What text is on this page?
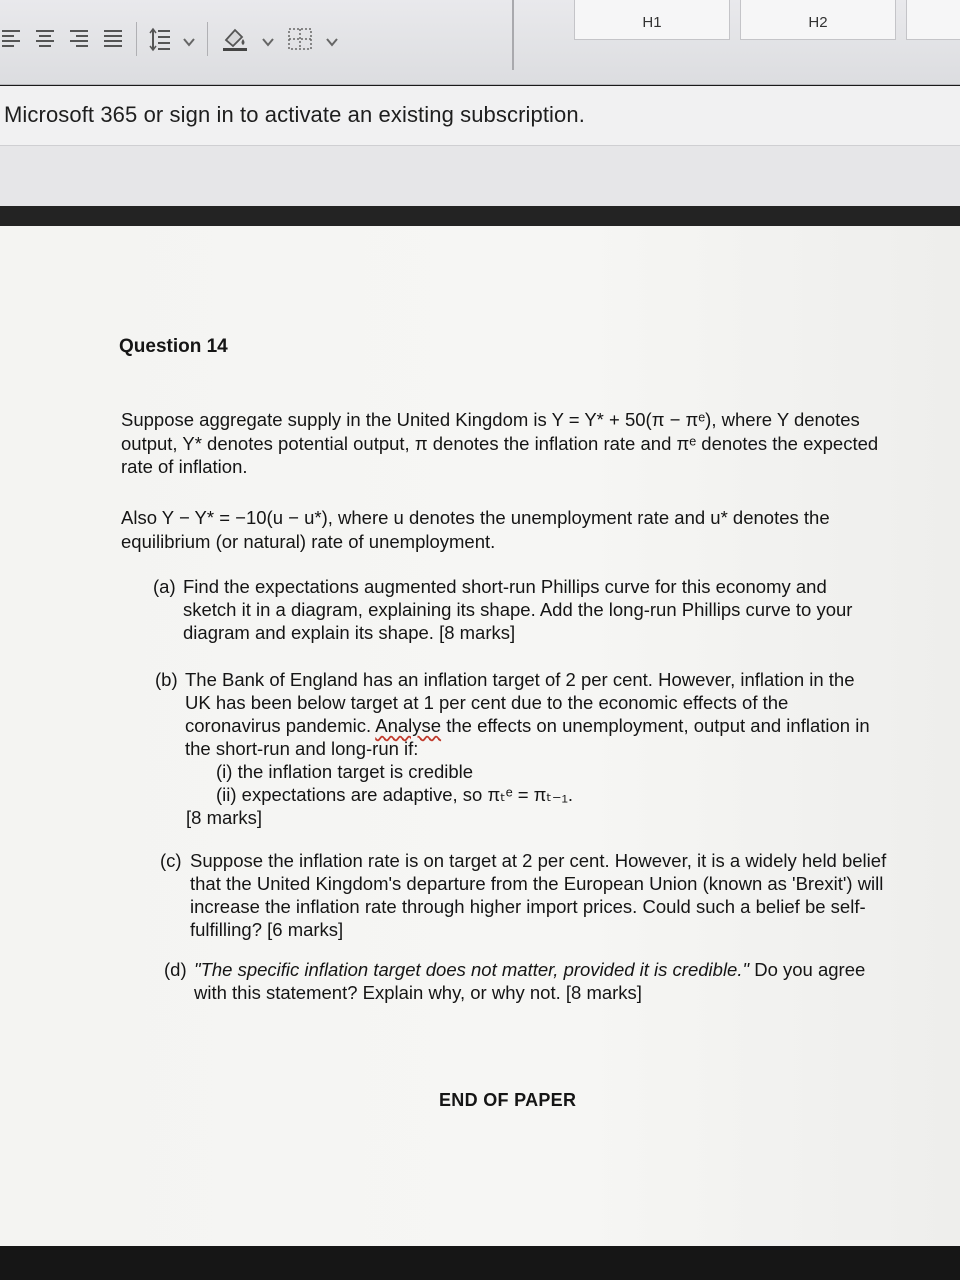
H1	H2
Microsoft 365 or sign in to activate an existing subscription.
Question 14
Suppose aggregate supply in the United Kingdom is Y = Y* + 50(π − πᵉ), where Y denotes output, Y* denotes potential output, π denotes the inflation rate and πᵉ denotes the expected rate of inflation.
Also Y − Y* = −10(u − u*), where u denotes the unemployment rate and u* denotes the equilibrium (or natural) rate of unemployment.
(a) Find the expectations augmented short-run Phillips curve for this economy and sketch it in a diagram, explaining its shape. Add the long-run Phillips curve to your diagram and explain its shape. [8 marks]
(b) The Bank of England has an inflation target of 2 per cent. However, inflation in the UK has been below target at 1 per cent due to the economic effects of the coronavirus pandemic. Analyse the effects on unemployment, output and inflation in the short-run and long-run if:
(i) the inflation target is credible
(ii) expectations are adaptive, so πₜᵉ = πₜ₋₁.
[8 marks]
(c) Suppose the inflation rate is on target at 2 per cent. However, it is a widely held belief that the United Kingdom's departure from the European Union (known as 'Brexit') will increase the inflation rate through higher import prices. Could such a belief be self-fulfilling? [6 marks]
(d) "The specific inflation target does not matter, provided it is credible." Do you agree with this statement? Explain why, or why not. [8 marks]
END OF PAPER
